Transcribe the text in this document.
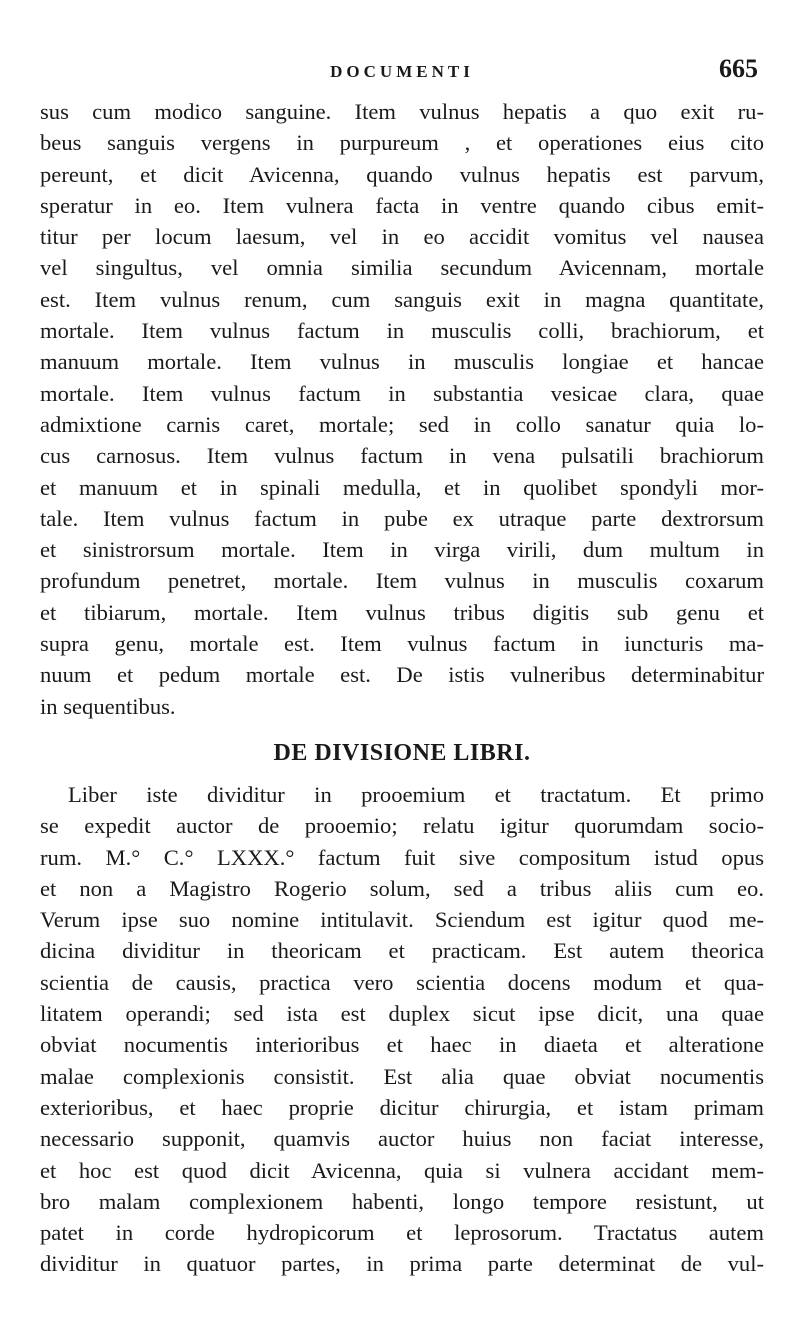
DOCUMENTI	665
sus cum modico sanguine. Item vulnus hepatis a quo exit ru-
beus sanguis vergens in purpureum , et operationes eius cito
pereunt, et dicit Avicenna, quando vulnus hepatis est parvum,
speratur in eo. Item vulnera facta in ventre quando cibus emit-
titur per locum laesum, vel in eo accidit vomitus vel nausea
vel singultus, vel omnia similia secundum Avicennam, mortale
est. Item vulnus renum, cum sanguis exit in magna quantitate,
mortale. Item vulnus factum in musculis colli, brachiorum, et
manuum mortale. Item vulnus in musculis longiae et hancae
mortale. Item vulnus factum in substantia vesicae clara, quae
admixtione carnis caret, mortale; sed in collo sanatur quia lo-
cus carnosus. Item vulnus factum in vena pulsatili brachiorum
et manuum et in spinali medulla, et in quolibet spondyli mor-
tale. Item vulnus factum in pube ex utraque parte dextrorsum
et sinistrorsum mortale. Item in virga virili, dum multum in
profundum penetret, mortale. Item vulnus in musculis coxarum
et tibiarum, mortale. Item vulnus tribus digitis sub genu et
supra genu, mortale est. Item vulnus factum in iuncturis ma-
nuum et pedum mortale est. De istis vulneribus determinabitur
in sequentibus.
DE DIVISIONE LIBRI.
Liber iste dividitur in prooemium et tractatum. Et primo
se expedit auctor de prooemio; relatu igitur quorumdam socio-
rum. M.° C.° LXXX.° factum fuit sive compositum istud opus
et non a Magistro Rogerio solum, sed a tribus aliis cum eo.
Verum ipse suo nomine intitulavit. Sciendum est igitur quod me-
dicina dividitur in theoricam et practicam. Est autem theorica
scientia de causis, practica vero scientia docens modum et qua-
litatem operandi; sed ista est duplex sicut ipse dicit, una quae
obviat nocumentis interioribus et haec in diaeta et alteratione
malae complexionis consistit. Est alia quae obviat nocumentis
exterioribus, et haec proprie dicitur chirurgia, et istam primam
necessario supponit, quamvis auctor huius non faciat interesse,
et hoc est quod dicit Avicenna, quia si vulnera accidant mem-
bro malam complexionem habenti, longo tempore resistunt, ut
patet in corde hydropicorum et leprosorum. Tractatus autem
dividitur in quatuor partes, in prima parte determinat de vul-
